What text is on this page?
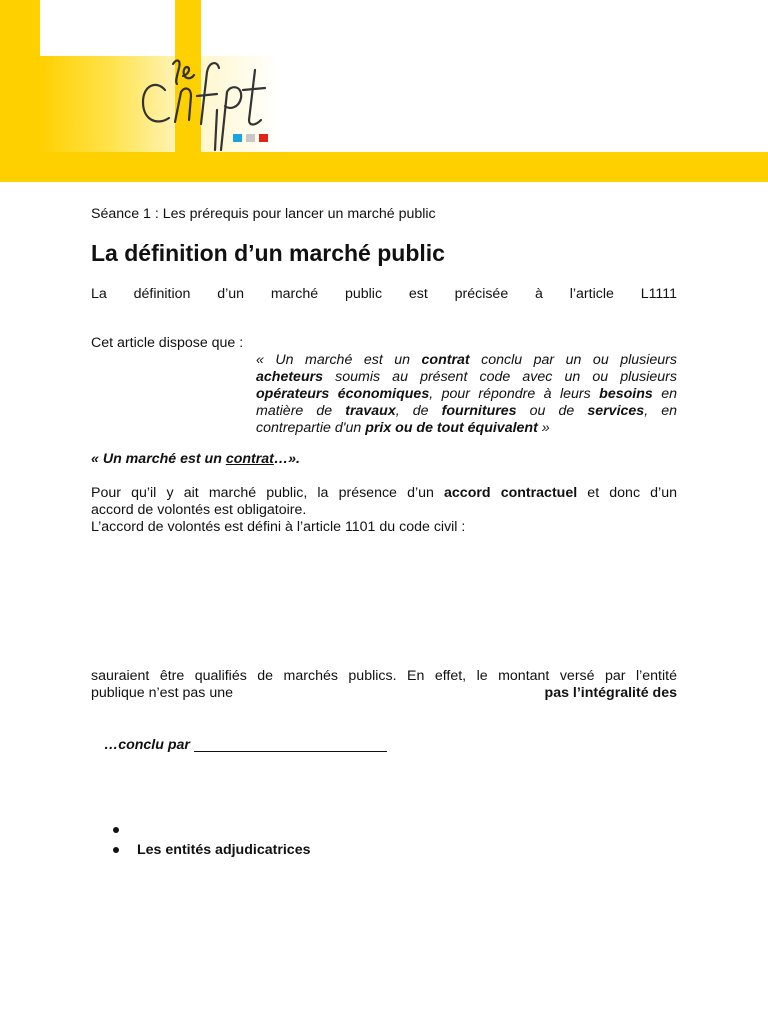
Séance 1 : Les prérequis pour lancer un marché public

La définition d’un marché public

La définition d’un marché public est précisée à l’article L1111

Cet article dispose que :

« Un marché est un contrat conclu par un ou plusieurs
acheteurs soumis au présent code avec un ou plusieurs
opérateurs économiques, pour répondre à leurs besoins en
matière de travaux, de fournitures ou de services, en
contrepartie d'un prix ou de tout équivalent »

« Un marché est un contrat…».

Pour qu’il y ait marché public, la présence d’un accord contractuel et donc d’un
accord de volontés est obligatoire.
L’accord de volontés est défini à l’article 1101 du code civil :

sauraient être qualifiés de marchés publics. En effet, le montant versé par l’entité
publique n’est pas une	pas l’intégralité des

…conclu par

Les entités adjudicatrices
